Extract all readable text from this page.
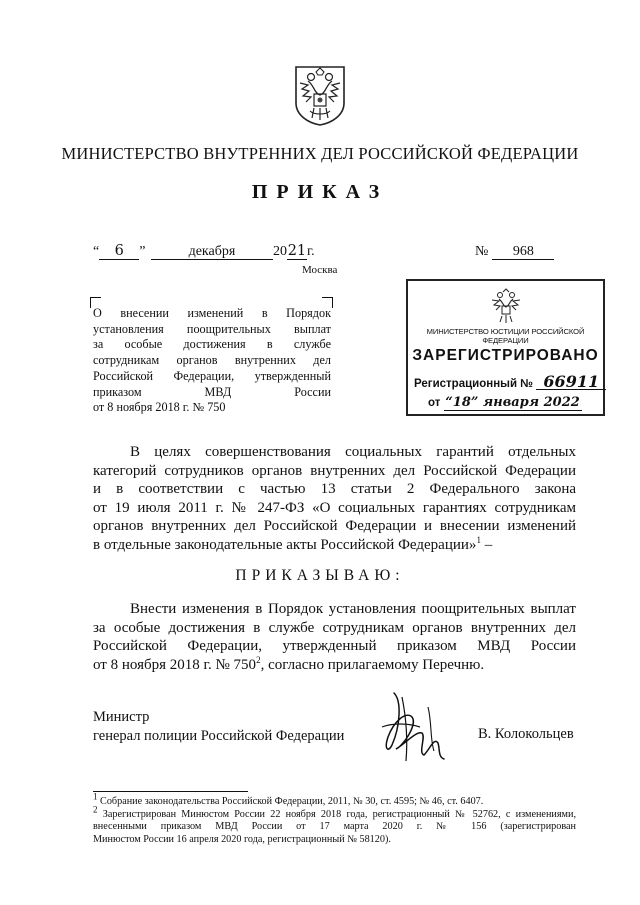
МИНИСТЕРСТВО ВНУТРЕННИХ ДЕЛ РОССИЙСКОЙ ФЕДЕРАЦИИ
ПРИКАЗ
“ 6 ”	декабря	2021г.	№ 968
Москва
О внесении изменений в Порядок
установления поощрительных выплат
за особые достижения в службе
сотрудникам органов внутренних дел
Российской Федерации, утвержденный
приказом МВД России
от 8 ноября 2018 г. № 750
МИНИСТЕРСТВО ЮСТИЦИИ РОССИЙСКОЙ ФЕДЕРАЦИИ
ЗАРЕГИСТРИРОВАНО
Регистрационный № 66911
от “18” января 2022
В целях совершенствования социальных гарантий отдельных
категорий сотрудников органов внутренних дел Российской Федерации
и в соответствии с частью 13 статьи 2 Федерального закона
от 19 июля 2011 г. № 247-ФЗ «О социальных гарантиях сотрудникам
органов внутренних дел Российской Федерации и внесении изменений
в отдельные законодательные акты Российской Федерации»$^1$ –
ПРИКАЗЫВАЮ:
Внести изменения в Порядок установления поощрительных выплат
за особые достижения в службе сотрудникам органов внутренних дел
Российской Федерации, утвержденный приказом МВД России
от 8 ноября 2018 г. № $750^2$, согласно прилагаемому Перечню.
Министр
генерал полиции Российской Федерации	В. Колокольцев
$^1$ Собрание законодательства Российской Федерации, 2011, № 30, ст. 4595; № 46, ст. 6407.
$^2$ Зарегистрирован Минюстом России 22 ноября 2018 года, регистрационный № 52762, с изменениями,
внесенными приказом МВД России от 17 марта 2020 г. № 156 (зарегистрирован
Минюстом России 16 апреля 2020 года, регистрационный № 58120).
